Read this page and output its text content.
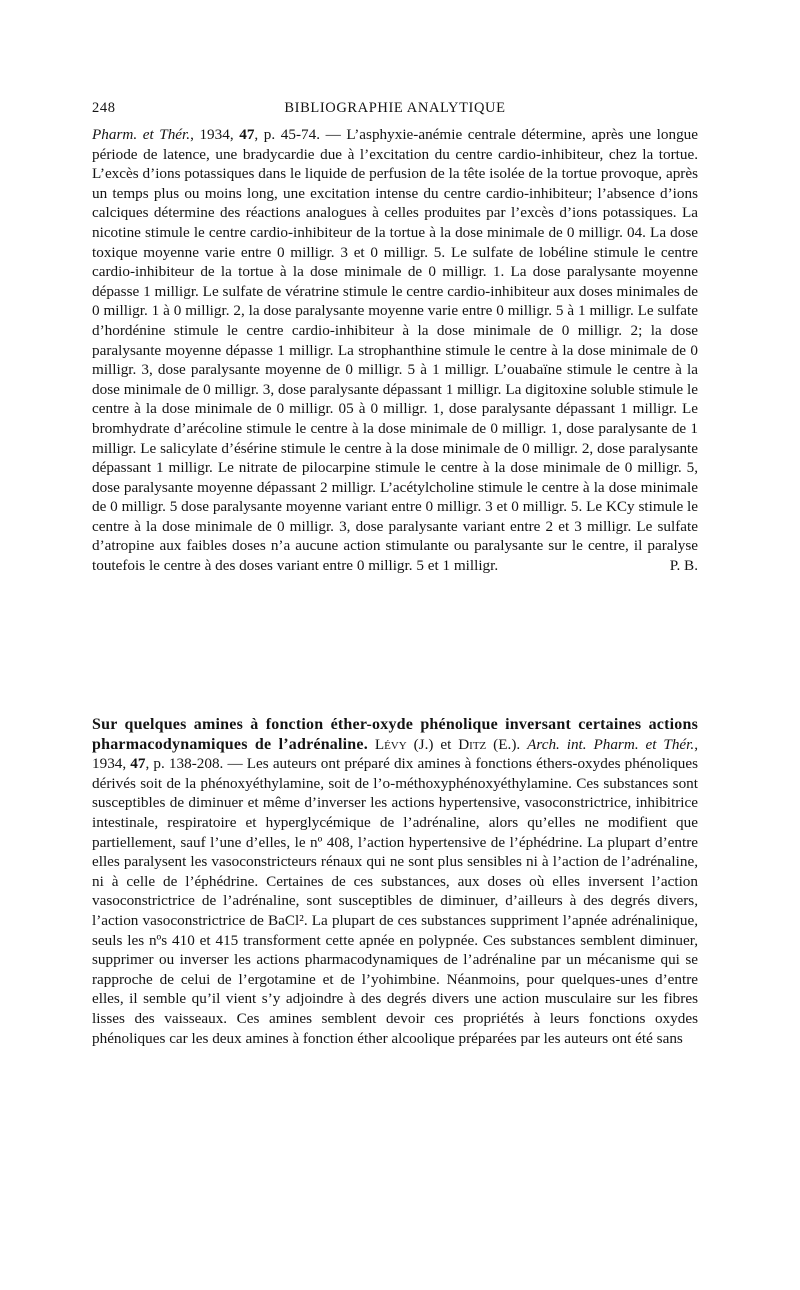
248	BIBLIOGRAPHIE ANALYTIQUE

Pharm. et Thér., 1934, 47, p. 45-74. — L’asphyxie-anémie centrale détermine, après une longue période de latence, une bradycardie due à l’excitation du centre cardio-inhibiteur, chez la tortue. L’excès d’ions potassiques dans le liquide de perfusion de la tête isolée de la tortue provoque, après un temps plus ou moins long, une excitation intense du centre cardio-inhibiteur; l’absence d’ions calciques détermine des réactions analogues à celles produites par l’excès d’ions potassiques. La nicotine stimule le centre cardio-inhibiteur de la tortue à la dose minimale de 0 milligr. 04. La dose toxique moyenne varie entre 0 milligr. 3 et 0 milligr. 5. Le sulfate de lobéline stimule le centre cardio-inhibiteur de la tortue à la dose minimale de 0 milligr. 1. La dose paralysante moyenne dépasse 1 milligr. Le sulfate de vératrine stimule le centre cardio-inhibiteur aux doses minimales de 0 milligr. 1 à 0 milligr. 2, la dose paralysante moyenne varie entre 0 milligr. 5 à 1 milligr. Le sulfate d’hordénine stimule le centre cardio-inhibiteur à la dose minimale de 0 milligr. 2; la dose paralysante moyenne dépasse 1 milligr. La strophanthine stimule le centre à la dose minimale de 0 milligr. 3, dose paralysante moyenne de 0 milligr. 5 à 1 milligr. L’ouabaïne stimule le centre à la dose minimale de 0 milligr. 3, dose paralysante dépassant 1 milligr. La digitoxine soluble stimule le centre à la dose minimale de 0 milligr. 05 à 0 milligr. 1, dose paralysante dépassant 1 milligr. Le bromhydrate d’arécoline stimule le centre à la dose minimale de 0 milligr. 1, dose paralysante de 1 milligr. Le salicylate d’ésérine stimule le centre à la dose minimale de 0 milligr. 2, dose paralysante dépassant 1 milligr. Le nitrate de pilocarpine stimule le centre à la dose minimale de 0 milligr. 5, dose paralysante moyenne dépassant 2 milligr. L’acétylcholine stimule le centre à la dose minimale de 0 milligr. 5 dose paralysante moyenne variant entre 0 milligr. 3 et 0 milligr. 5. Le KCy stimule le centre à la dose minimale de 0 milligr. 3, dose paralysante variant entre 2 et 3 milligr. Le sulfate d’atropine aux faibles doses n’a aucune action stimulante ou paralysante sur le centre, il paralyse toutefois le centre à des doses variant entre 0 milligr. 5 et 1 milligr.	P. B.

Sur quelques amines à fonction éther-oxyde phénolique inversant certaines actions pharmacodynamiques de l’adrénaline. Lévy (J.) et Ditz (E.). Arch. int. Pharm. et Thér., 1934, 47, p. 138-208. — Les auteurs ont préparé dix amines à fonctions éthers-oxydes phénoliques dérivés soit de la phénoxyéthylamine, soit de l’o-méthoxyphénoxyéthylamine. Ces substances sont susceptibles de diminuer et même d’inverser les actions hypertensive, vasoconstrictrice, inhibitrice intestinale, respiratoire et hyperglycémique de l’adrénaline, alors qu’elles ne modifient que partiellement, sauf l’une d’elles, le nº 408, l’action hypertensive de l’éphédrine. La plupart d’entre elles paralysent les vasoconstricteurs rénaux qui ne sont plus sensibles ni à l’action de l’adrénaline, ni à celle de l’éphédrine. Certaines de ces substances, aux doses où elles inversent l’action vasoconstrictrice de l’adrénaline, sont susceptibles de diminuer, d’ailleurs à des degrés divers, l’action vasoconstrictrice de BaCl². La plupart de ces substances suppriment l’apnée adrénalinique, seuls les nºs 410 et 415 transforment cette apnée en polypnée. Ces substances semblent diminuer, supprimer ou inverser les actions pharmacodynamiques de l’adrénaline par un mécanisme qui se rapproche de celui de l’ergotamine et de l’yohimbine. Néanmoins, pour quelques-unes d’entre elles, il semble qu’il vient s’y adjoindre à des degrés divers une action musculaire sur les fibres lisses des vaisseaux. Ces amines semblent devoir ces propriétés à leurs fonctions oxydes phénoliques car les deux amines à fonction éther alcoolique préparées par les auteurs ont été sans
